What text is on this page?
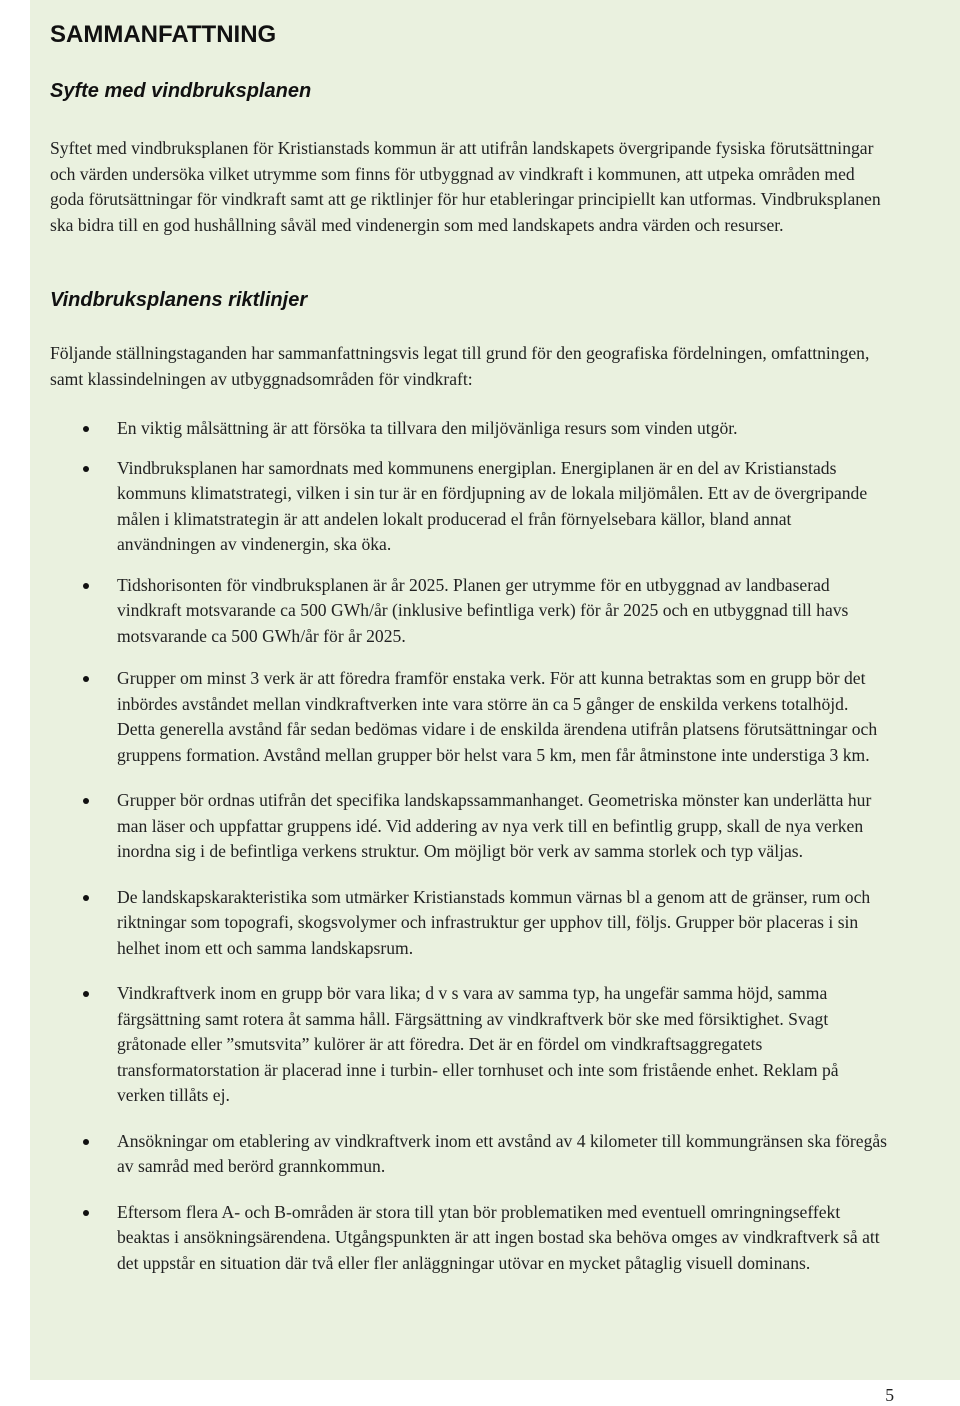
SAMMANFATTNING
Syfte med vindbruksplanen

Syftet med vindbruksplanen för Kristianstads kommun är att utifrån landskapets övergripande fysiska förutsättningar och värden undersöka vilket utrymme som finns för utbyggnad av vindkraft i kommunen, att utpeka områden med goda förutsättningar för vindkraft samt att ge riktlinjer för hur etableringar principiellt kan utformas. Vindbruksplanen ska bidra till en god hushållning såväl med vindenergin som med landskapets andra värden och resurser.

Vindbruksplanens riktlinjer

Följande ställningstaganden har sammanfattningsvis legat till grund för den geografiska fördelningen, omfattningen, samt klassindelningen av utbyggnadsområden för vindkraft:

En viktig målsättning är att försöka ta tillvara den miljövänliga resurs som vinden utgör.
Vindbruksplanen har samordnats med kommunens energiplan. Energiplanen är en del av Kristianstads kommuns klimatstrategi, vilken i sin tur är en fördjupning av de lokala miljömålen. Ett av de övergripande målen i klimatstrategin är att andelen lokalt producerad el från förnyelsebara källor, bland annat användningen av vindenergin, ska öka.
Tidshorisonten för vindbruksplanen är år 2025. Planen ger utrymme för en utbyggnad av landbaserad vindkraft motsvarande ca 500 GWh/år (inklusive befintliga verk) för år 2025 och en utbyggnad till havs motsvarande ca 500 GWh/år för år 2025.
Grupper om minst 3 verk är att föredra framför enstaka verk. För att kunna betraktas som en grupp bör det inbördes avståndet mellan vindkraftverken inte vara större än ca 5 gånger de enskilda verkens totalhöjd. Detta generella avstånd får sedan bedömas vidare i de enskilda ärendena utifrån platsens förutsättningar och gruppens formation. Avstånd mellan grupper bör helst vara 5 km, men får åtminstone inte understiga 3 km.
Grupper bör ordnas utifrån det specifika landskapssammanhanget. Geometriska mönster kan underlätta hur man läser och uppfattar gruppens idé. Vid addering av nya verk till en befintlig grupp, skall de nya verken inordna sig i de befintliga verkens struktur. Om möjligt bör verk av samma storlek och typ väljas.
De landskapskarakteristika som utmärker Kristianstads kommun värnas bl a genom att de gränser, rum och riktningar som topografi, skogsvolymer och infrastruktur ger upphov till, följs. Grupper bör placeras i sin helhet inom ett och samma landskapsrum.
Vindkraftverk inom en grupp bör vara lika; d v s vara av samma typ, ha ungefär samma höjd, samma färgsättning samt rotera åt samma håll. Färgsättning av vindkraftverk bör ske med försiktighet. Svagt gråtonade eller ”smutsvita” kulörer är att föredra. Det är en fördel om vindkraftsaggregatets transformatorstation är placerad inne i turbin- eller tornhuset och inte som fristående enhet. Reklam på verken tillåts ej.
Ansökningar om etablering av vindkraftverk inom ett avstånd av 4 kilometer till kommungränsen ska föregås av samråd med berörd grannkommun.
Eftersom flera A- och B-områden är stora till ytan bör problematiken med eventuell omringningseffekt beaktas i ansökningsärendena. Utgångspunkten är att ingen bostad ska behöva omges av vindkraftverk så att det uppstår en situation där två eller fler anläggningar utövar en mycket påtaglig visuell dominans.
5
